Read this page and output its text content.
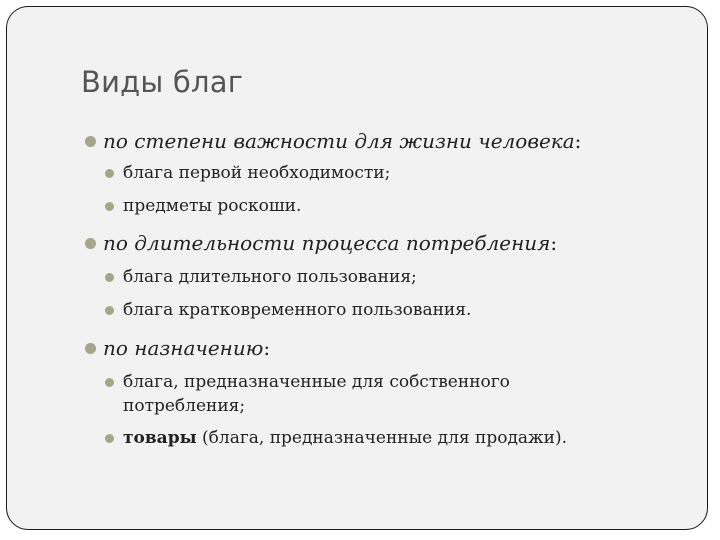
Виды благ
по степени важности для жизни человека:
блага первой необходимости;
предметы роскоши.
по длительности процесса потребления:
блага длительного пользования;
блага кратковременного пользования.
по назначению:
блага, предназначенные для собственного
потребления;
товары (блага, предназначенные для продажи).
